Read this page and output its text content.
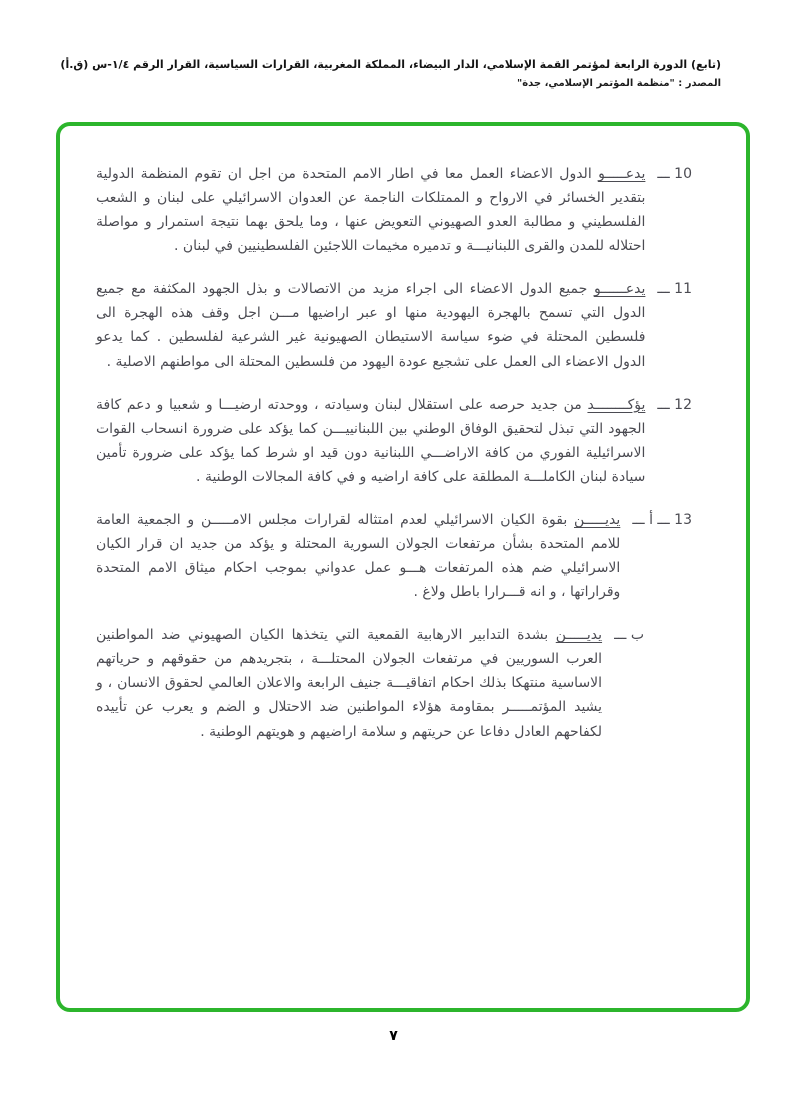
(تابع) الدورة الرابعة لمؤتمر القمة الإسلامي، الدار البيضاء، المملكة المغربية، القرارات السياسية، القرار الرقم ١/٤-س (ق.أ)
المصدر : "منظمة المؤتمر الإسلامي، جدة"
10 ـــ

يدعـــــو الدول الاعضاء العمل معا في اطار الامم المتحدة من اجل ان تقوم المنظمة الدولية بتقدير الخسائر في الارواح و الممتلكات الناجمة عن العدوان الاسرائيلي على لبنان و الشعب الفلسطيني و مطالبة العدو الصهيوني التعويض عنها ، وما يلحق بهما نتيجة استمرار و مواصلة احتلاله للمدن والقرى اللبنانيـــة و تدميره مخيمات اللاجئين الفلسطينيين في لبنان .

11 ـــ

يدعــــــو جميع الدول الاعضاء الى اجراء مزيد من الاتصالات و بذل الجهود المكثفة مع جميع الدول التي تسمح بالهجرة اليهودية منها او عبر اراضيها مـــن اجل وقف هذه الهجرة الى فلسطين المحتلة في ضوء سياسة الاستيطان الصهيونية غير الشرعية لفلسطين . كما يدعو الدول الاعضاء الى العمل على تشجيع عودة اليهود من فلسطين المحتلة الى مواطنهم الاصلية .

12 ـــ

يؤكــــــــد من جديد حرصه على استقلال لبنان وسيادته ، ووحدته ارضيـــا و شعبيا و دعم كافة الجهود التي تبذل لتحقيق الوفاق الوطني بين اللبنانييـــن كما يؤكد على ضرورة انسحاب القوات الاسرائيلية الفوري من كافة الاراضـــي اللبنانية دون قيد او شرط كما يؤكد على ضرورة تأمين سيادة لبنان الكاملـــة المطلقة على كافة اراضيه و في كافة المجالات الوطنية .

13 ـــ أ ـــ

يديـــــن بقوة الكيان الاسرائيلي لعدم امتثاله لقرارات مجلس الامـــــن و الجمعية العامة للامم المتحدة بشأن مرتفعات الجولان السورية المحتلة و يؤكد من جديد ان قرار الكيان الاسرائيلي ضم هذه المرتفعات هـــو عمل عدواني بموجب احكام ميثاق الامم المتحدة وقراراتها ، و انه قـــرارا باطل ولاغ .

ب ـــ

يديـــــن بشدة التدابير الارهابية القمعية التي يتخذها الكيان الصهيوني ضد المواطنين العرب السوريين في مرتفعات الجولان المحتلـــة ، بتجريدهم من حقوقهم و حرياتهم الاساسية منتهكا بذلك احكام اتفاقيـــة جنيف الرابعة والاعلان العالمي لحقوق الانسان ، و يشيد المؤتمـــــر بمقاومة هؤلاء المواطنين ضد الاحتلال و الضم و يعرب عن تأييده لكفاحهم العادل دفاعا عن حريتهم و سلامة اراضيهم و هويتهم الوطنية .

٧
